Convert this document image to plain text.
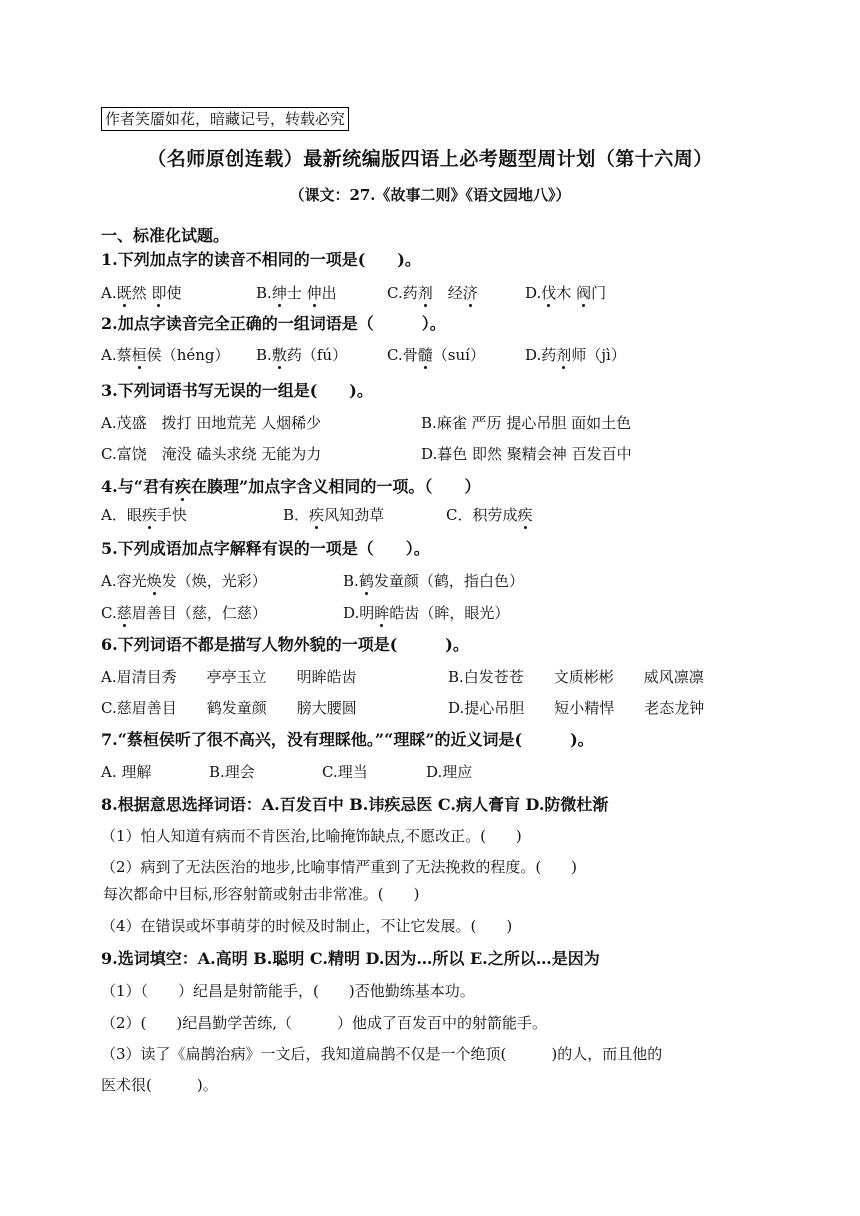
作者笑靥如花，暗藏记号，转载必究
（名师原创连载）最新统编版四语上必考题型周计划（第十六周）
（课文：27.《故事二则》《语文园地八》）
一、标准化试题。
1.下列加点字的读音不相同的一项是(　　)。
A.既然 即使	B.绅士 伸出	C.药剂　 经济	D.伐木 阀门
2.加点字读音完全正确的一组词语是（　　　）。
A.蔡桓侯（héng） B.敷药（fú）	C.骨髓（suí）	D.药剂师（jì）
3.下列词语书写无误的一组是(　　)。
A.茂盛　拨打 田地荒芜 人烟稀少	B.麻雀 严历 提心吊胆 面如土色
C.富饶　淹没 磕头求绕 无能为力	D.暮色 即然 聚精会神 百发百中
4.与“君有疾在腠理”加点字含义相同的一项。（　　 ）
A．眼疾手快	B．疾风知劲草	C．积劳成疾
5.下列成语加点字解释有误的一项是（　　）。
A.容光焕发（焕，光彩）	B.鹤发童颜（鹤，指白色）
C.慈眉善目（慈，仁慈）	D.明眸皓齿（眸，眼光）
6.下列词语不都是描写人物外貌的一项是(　　　)。
A.眉清目秀　　亭亭玉立　　明眸皓齿	B.白发苍苍　　文质彬彬　　威风凛凛
C.慈眉善目　　鹤发童颜　　膀大腰圆	D.提心吊胆　　短小精悍　　老态龙钟
7.“蔡桓侯听了很不高兴，没有理睬他。”“理睬”的近义词是(　　　)。
A. 理解	B.理会	C.理当	D.理应
8.根据意思选择词语：A.百发百中 B.讳疾忌医 C.病人膏肓 D.防微杜渐
（1）怕人知道有病而不肯医治,比喻掩饰缺点,不愿改正。(　　)
（2）病到了无法医治的地步,比喻事情严重到了无法挽救的程度。(　　)
每次都命中目标,形容射箭或射击非常准。(　　)
（4）在错误或坏事萌芽的时候及时制止，不让它发展。(　　)
9.选词填空：A.高明 B.聪明 C.精明 D.因为…所以 E.之所以…是因为
（1）（　　）纪昌是射箭能手，(　　)否他勤练基本功。
（2）(　　)纪昌勤学苦练,（　　　）他成了百发百中的射箭能手。
（3）读了《扁鹊治病》一文后，我知道扁鹊不仅是一个绝顶(　　　)的人，而且他的
医术很(　　　)。
